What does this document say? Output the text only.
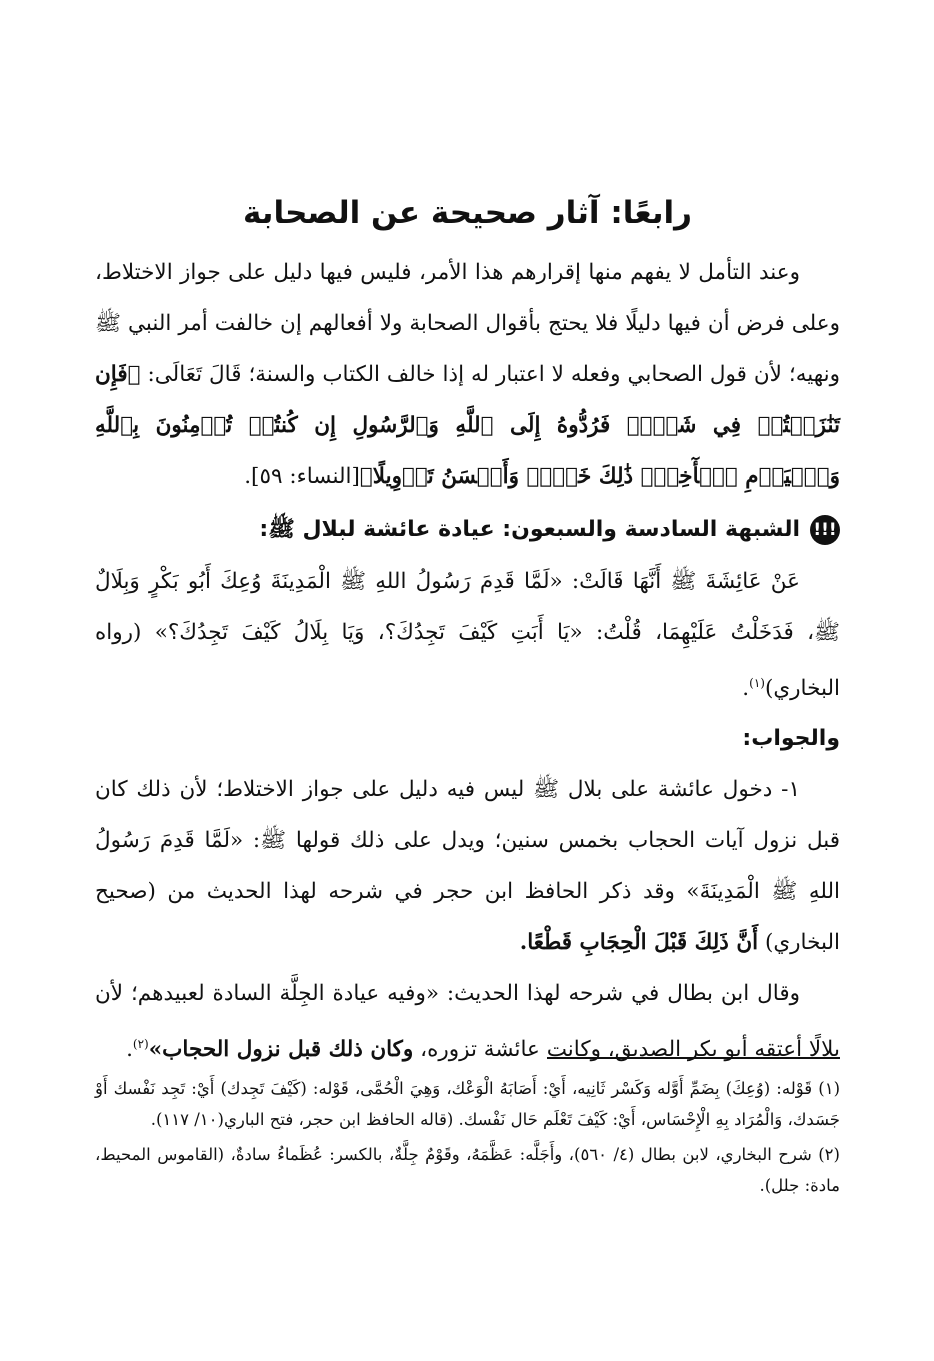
رابعًا: آثار صحيحة عن الصحابة

وعند التأمل لا يفهم منها إقرارهم هذا الأمر، فليس فيها دليل على جواز الاختلاط، وعلى فرض أن فيها دليلًا فلا يحتج بأقوال الصحابة ولا أفعالهم إن خالفت أمر النبي ﷺ ونهيه؛ لأن قول الصحابي وفعله لا اعتبار له إذا خالف الكتاب والسنة؛ قَالَ تَعَالَى: ﴿فَإِن تَنَٰزَعۡتُمۡ فِي شَيۡءٖ فَرُدُّوهُ إِلَى ٱللَّهِ وَٱلرَّسُولِ إِن كُنتُمۡ تُؤۡمِنُونَ بِٱللَّهِ وَٱلۡيَوۡمِ ٱلۡأٓخِرِۚ ذَٰلِكَ خَيۡرٞ وَأَحۡسَنُ تَأۡوِيلًا﴾[النساء: ٥٩].

!!!
الشبهة السادسة والسبعون: عيادة عائشة لبلال ﷺ:

عَنْ عَائِشَةَ ﷺ أَنَّهَا قَالَتْ: «لَمَّا قَدِمَ رَسُولُ اللهِ ﷺ الْمَدِينَةَ وُعِكَ أَبُو بَكْرٍ وَبِلَالٌ ﷺ، فَدَخَلْتُ عَلَيْهِمَا، قُلْتُ: «يَا أَبَتِ كَيْفَ تَجِدُكَ؟، وَيَا بِلَالُ كَيْفَ تَجِدُكَ؟» (رواه البخاري)$^{(١)}$.

والجواب:

١- دخول عائشة على بلال ﷺ ليس فيه دليل على جواز الاختلاط؛ لأن ذلك كان قبل نزول آيات الحجاب بخمس سنين؛ ويدل على ذلك قولها ﷺ: «لَمَّا قَدِمَ رَسُولُ اللهِ ﷺ الْمَدِينَةَ» وقد ذكر الحافظ ابن حجر في شرحه لهذا الحديث من (صحيح البخاري) أَنَّ ذَلِكَ قَبْلَ الْحِجَابِ قَطْعًا.

وقال ابن بطال في شرحه لهذا الحديث: «وفيه عيادة الجِلَّة السادة لعبيدهم؛ لأن بلالًا أعتقه أبو بكر الصديق، وكانت عائشة تزوره، وكان ذلك قبل نزول الحجاب»$^{(٢)}$.

(١) قَوْله: (وُعِكَ) بِضَمِّ أَوَّله وَكَسْر ثَانِيه، أَيْ: أَصَابَهُ الْوَعْك، وَهِيَ الْحُمَّى، قَوْله: (كَيْفَ تَجِدك) أَيْ: تَجِد نَفْسك أَوْ جَسَدك، وَالْمُرَاد بِهِ الْإِحْسَاس، أَيْ: كَيْفَ تَعْلَم حَال نَفْسك. (قاله الحافظ ابن حجر، فتح الباري(١٠/ ١١٧).

(٢) شرح البخاري، لابن بطال (٤/ ٥٦٠)، وأَجَلَّه: عَظَّمَهُ، وقَوْمٌ جِلَّةٌ، بالكسر: عُظَماءُ سادةٌ، (القاموس المحيط، مادة: جلل).
